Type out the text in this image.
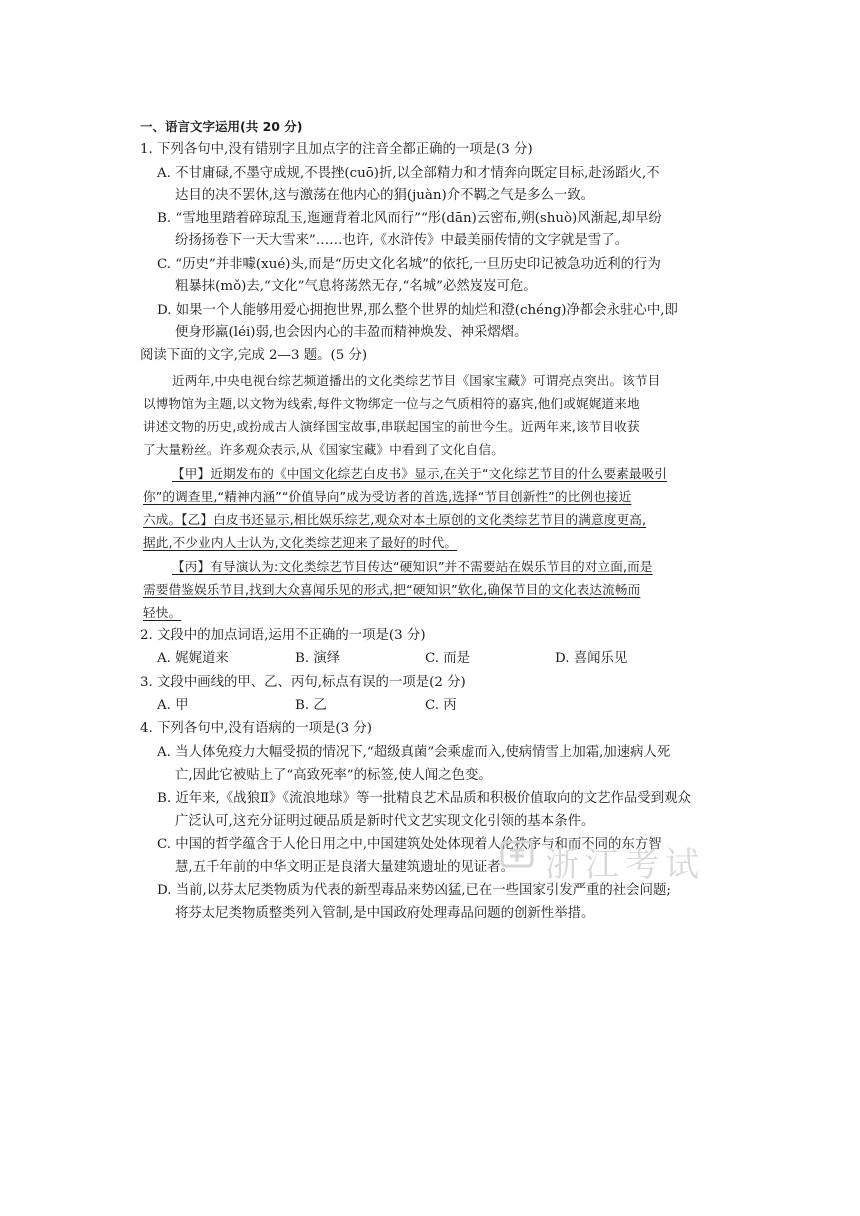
一、语言文字运用(共 20 分)
1. 下列各句中,没有错别字且加点字的注音全都正确的一项是(3 分)
A. 不甘庸碌,不墨守成规,不畏挫(cuō)折,以全部精力和才情奔向既定目标,赴汤蹈火,不
达目的决不罢休,这与激荡在他内心的狷(juàn)介不羁之气是多么一致。
B. “雪地里踏着碎琼乱玉,迤逦背着北风而行”“彤(dān)云密布,朔(shuò)风渐起,却早纷
纷扬扬卷下一天大雪来”……也许,《水浒传》中最美丽传情的文字就是雪了。
C. “历史”并非噱(xué)头,而是“历史文化名城”的依托,一旦历史印记被急功近利的行为
粗暴抹(mǒ)去,“文化”气息将荡然无存,“名城”必然岌岌可危。
D. 如果一个人能够用爱心拥抱世界,那么整个世界的灿烂和澄(chéng)净都会永驻心中,即
便身形羸(léi)弱,也会因内心的丰盈而精神焕发、神采熠熠。
阅读下面的文字,完成 2—3 题。(5 分)
近两年,中央电视台综艺频道播出的文化类综艺节目《国家宝藏》可谓亮点突出。该节目
以博物馆为主题,以文物为线索,每件文物绑定一位与之气质相符的嘉宾,他们或娓娓道来地
讲述文物的历史,或扮成古人演绎国宝故事,串联起国宝的前世今生。近两年来,该节目收获
了大量粉丝。许多观众表示,从《国家宝藏》中看到了文化自信。
【甲】近期发布的《中国文化综艺白皮书》显示,在关于“文化综艺节目的什么要素最吸引
你”的调查里,“精神内涵”“价值导向”成为受访者的首选,选择“节目创新性”的比例也接近
六成。【乙】白皮书还显示,相比娱乐综艺,观众对本土原创的文化类综艺节目的满意度更高,
据此,不少业内人士认为,文化类综艺迎来了最好的时代。
【丙】有导演认为:文化类综艺节目传达“硬知识”并不需要站在娱乐节目的对立面,而是
需要借鉴娱乐节目,找到大众喜闻乐见的形式,把“硬知识”软化,确保节目的文化表达流畅而
轻快。
2. 文段中的加点词语,运用不正确的一项是(3 分)
A. 娓娓道来	B. 演绎	C. 而是	D. 喜闻乐见
3. 文段中画线的甲、乙、丙句,标点有误的一项是(2 分)
A. 甲	B. 乙	C. 丙
4. 下列各句中,没有语病的一项是(3 分)
A. 当人体免疫力大幅受损的情况下,“超级真菌”会乘虚而入,使病情雪上加霜,加速病人死
亡,因此它被贴上了“高致死率”的标签,使人闻之色变。
B. 近年来,《战狼Ⅱ》《流浪地球》等一批精良艺术品质和积极价值取向的文艺作品受到观众
广泛认可,这充分证明过硬品质是新时代文艺实现文化引领的基本条件。
C. 中国的哲学蕴含于人伦日用之中,中国建筑处处体现着人伦秩序与和而不同的东方智
慧,五千年前的中华文明正是良渚大量建筑遗址的见证者。
D. 当前,以芬太尼类物质为代表的新型毒品来势凶猛,已在一些国家引发严重的社会问题;
将芬太尼类物质整类列入管制,是中国政府处理毒品问题的创新性举措。
浙江考试
